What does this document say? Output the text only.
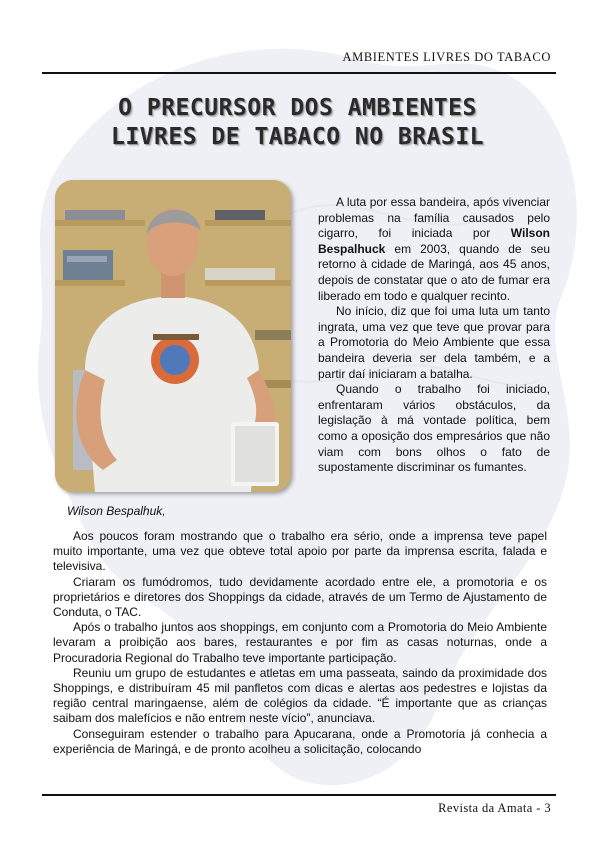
AMBIENTES LIVRES DO TABACO
O PRECURSOR DOS AMBIENTES
LIVRES DE TABACO NO BRASIL
Wilson Bespalhuk,

A luta por essa bandeira, após vivenciar problemas na família causados pelo cigarro, foi iniciada por Wilson Bespalhuck em 2003, quando de seu retorno à cidade de Maringá, aos 45 anos, depois de constatar que o ato de fumar era liberado em todo e qualquer recinto.

No início, diz que foi uma luta um tanto ingrata, uma vez que teve que provar para a Promotoria do Meio Ambiente que essa bandeira deveria ser dela também, e a partir daí iniciaram a batalha.

Quando o trabalho foi iniciado, enfrentaram vários obstáculos, da legislação à má vontade política, bem como a oposição dos empresários que não viam com bons olhos o fato de supostamente discriminar os fumantes.

Aos poucos foram mostrando que o trabalho era sério, onde a imprensa teve papel muito importante, uma vez que obteve total apoio por parte da imprensa escrita, falada e televisiva.

Criaram os fumódromos, tudo devidamente acordado entre ele, a promotoria e os proprietários e diretores dos Shoppings da cidade, através de um Termo de Ajustamento de Conduta, o TAC.

Após o trabalho juntos aos shoppings, em conjunto com a Promotoria do Meio Ambiente levaram a proibição aos bares, restaurantes e por fim as casas noturnas, onde a Procuradoria Regional do Trabalho teve importante participação.

Reuniu um grupo de estudantes e atletas em uma passeata, saindo da proximidade dos Shoppings, e distribuíram 45 mil panfletos com dicas e alertas aos pedestres e lojistas da região central maringaense, além de colégios da cidade. “É importante que as crianças saibam dos malefícios e não entrem neste vício”, anunciava.

Conseguiram estender o trabalho para Apucarana, onde a Promotoria já conhecia a experiência de Maringá, e de pronto acolheu a solicitação, colocando

Revista da Amata - 3
